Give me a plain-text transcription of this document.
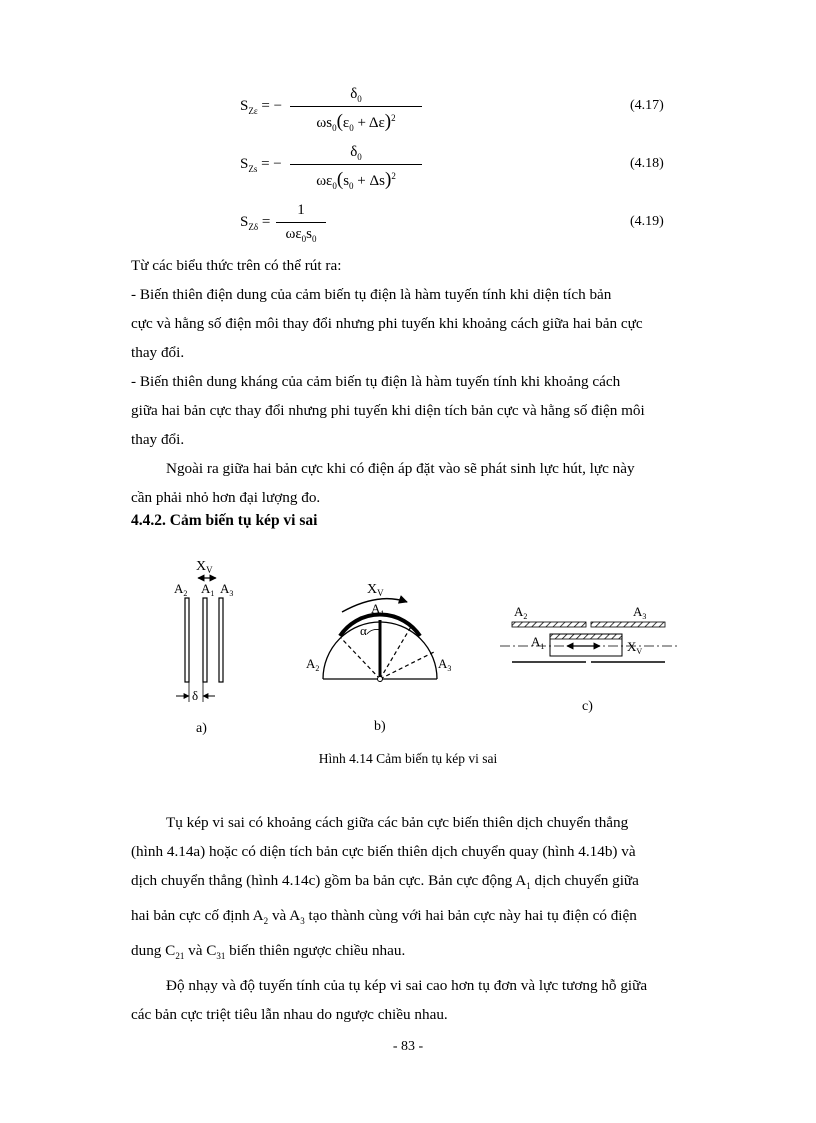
$S_{Z\varepsilon}$ = −
$\delta_0$
$\omega s_0(\varepsilon_0 + \Delta\varepsilon)^2$
(4.17)
$S_{Zs}$ = −
$\delta_0$
$\omega\varepsilon_0(s_0 + \Delta s)^2$
(4.18)
$S_{Z\delta}$ =
1
$\omega\varepsilon_0s_0$
(4.19)
Từ các biểu thức trên có thể rút ra:
- Biến thiên điện dung của cảm biến tụ điện là hàm tuyến tính khi diện tích bản
cực và hằng số điện môi thay đổi nhưng phi tuyến khi khoảng cách giữa hai bản cực
thay đổi.
- Biến thiên dung kháng của cảm biến tụ điện là hàm tuyến tính khi khoảng cách
giữa hai bản cực thay đổi nhưng phi tuyến khi diện tích bản cực và hằng số điện môi
thay đổi.
Ngoài ra giữa hai bản cực khi có điện áp đặt vào sẽ phát sinh lực hút, lực này
cần phải nhỏ hơn đại lượng đo.
4.4.2. Cảm biến tụ kép vi sai
$X_V$
$A_2$ $A_1$ $A_3$
δ
a)
$X_V$
$A_1$
α
$A_2$	$A_3$
b)
$A_2$	$A_3$
$A_1$	$X_V$
c)
Hình 4.14 Cảm biến tụ kép vi sai
Tụ kép vi sai có khoảng cách giữa các bản cực biến thiên dịch chuyển thẳng
(hình 4.14a) hoặc có diện tích bản cực biến thiên dịch chuyển quay (hình 4.14b) và
dịch chuyển thẳng (hình 4.14c) gồm ba bản cực. Bản cực động $A_1$ dịch chuyển giữa
hai bản cực cố định $A_2$ và $A_3$ tạo thành cùng với hai bản cực này hai tụ điện có điện
dung $C_{21}$ và $C_{31}$ biến thiên ngược chiều nhau.
Độ nhạy và độ tuyến tính của tụ kép vi sai cao hơn tụ đơn và lực tương hỗ giữa
các bản cực triệt tiêu lẫn nhau do ngược chiều nhau.
- 83 -
